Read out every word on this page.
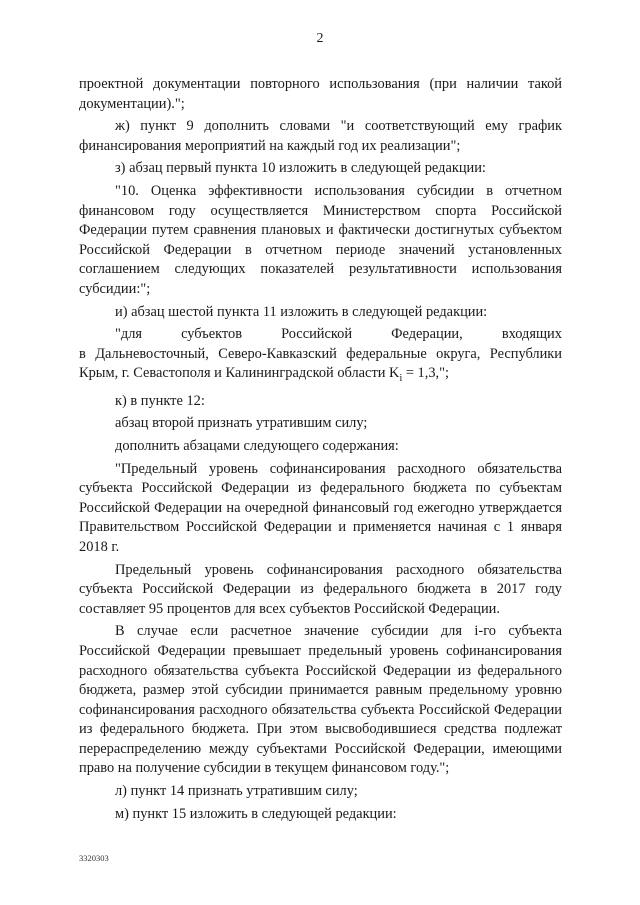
2

проектной документации повторного использования (при наличии такой документации).";

ж) пункт 9 дополнить словами "и соответствующий ему график финансирования мероприятий на каждый год их реализации";

з) абзац первый пункта 10 изложить в следующей редакции:

"10. Оценка эффективности использования субсидии в отчетном финансовом году осуществляется Министерством спорта Российской Федерации путем сравнения плановых и фактически достигнутых субъектом Российской Федерации в отчетном периоде значений установленных соглашением следующих показателей результативности использования субсидии:";

и) абзац шестой пункта 11 изложить в следующей редакции:

"для	субъектов	Российской	Федерации,	входящих

в Дальневосточный, Северо-Кавказский федеральные округа, Республики Крым, г. Севастополя и Калининградской области $K_i = 1,3$,";

к) в пункте 12:

абзац второй признать утратившим силу;

дополнить абзацами следующего содержания:

"Предельный уровень софинансирования расходного обязательства субъекта Российской Федерации из федерального бюджета по субъектам Российской Федерации на очередной финансовый год ежегодно утверждается Правительством Российской Федерации и применяется начиная с 1 января 2018 г.

Предельный уровень софинансирования расходного обязательства субъекта Российской Федерации из федерального бюджета в 2017 году составляет 95 процентов для всех субъектов Российской Федерации.

В случае если расчетное значение субсидии для i-го субъекта Российской Федерации превышает предельный уровень софинансирования расходного обязательства субъекта Российской Федерации из федерального бюджета, размер этой субсидии принимается равным предельному уровню софинансирования расходного обязательства субъекта Российской Федерации из федерального бюджета. При этом высвободившиеся средства подлежат перераспределению между субъектами Российской Федерации, имеющими право на получение субсидии в текущем финансовом году.";

л) пункт 14 признать утратившим силу;

м) пункт 15 изложить в следующей редакции:

3320303
